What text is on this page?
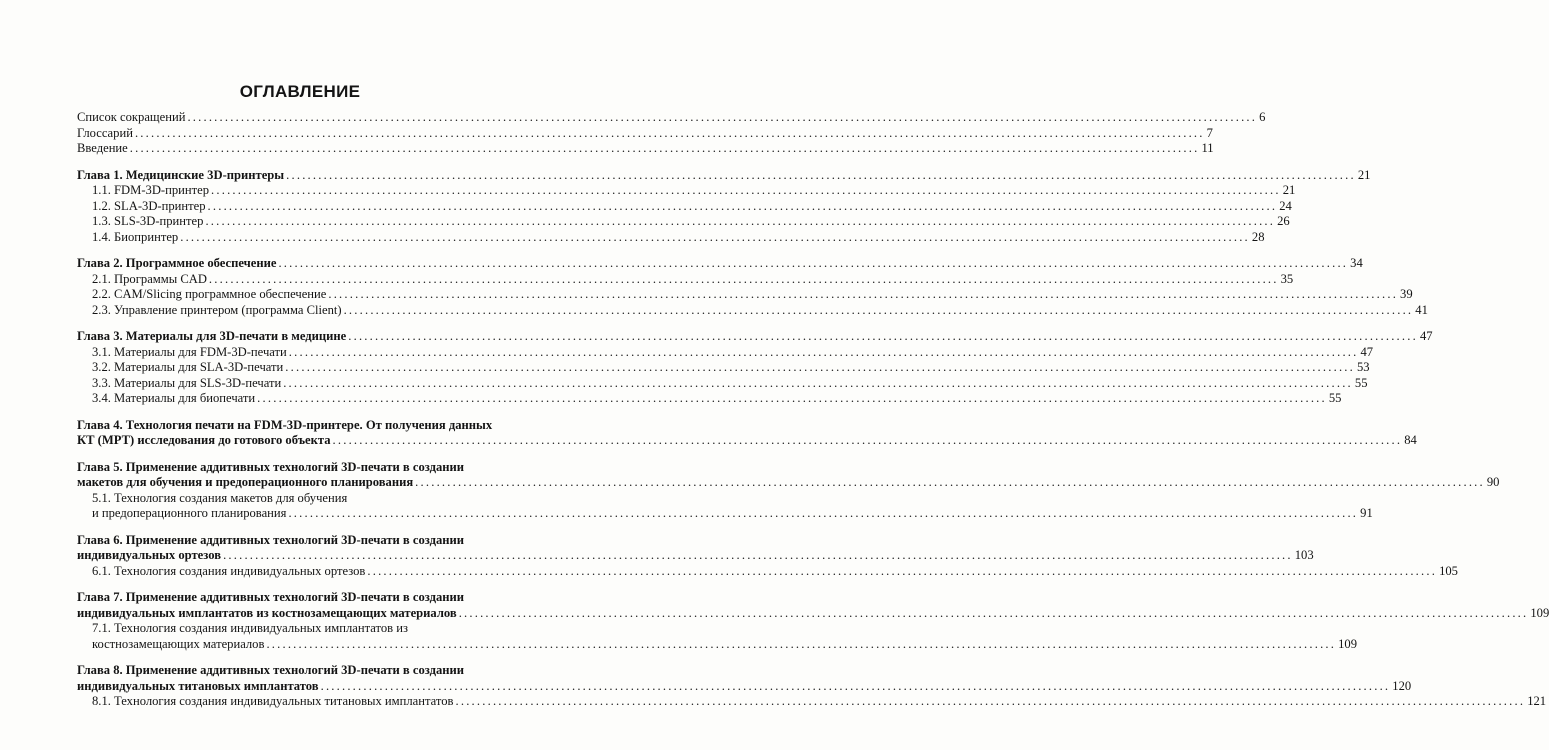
ОГЛАВЛЕНИЕ
Список сокращений ........................................................................................................................................................................................................ 6
Глоссарий ........................................................................................................................................................................................................ 7
Введение ........................................................................................................................................................................................................ 11
Глава 1. Медицинские 3D-принтеры ........................................................................................................................................................................................................ 21
1.1. FDM-3D-принтер ........................................................................................................................................................................................................ 21
1.2. SLA-3D-принтер ........................................................................................................................................................................................................ 24
1.3. SLS-3D-принтер ........................................................................................................................................................................................................ 26
1.4. Биопринтер ........................................................................................................................................................................................................ 28
Глава 2. Программное обеспечение ........................................................................................................................................................................................................ 34
2.1. Программы CAD ........................................................................................................................................................................................................ 35
2.2. CAM/Slicing программное обеспечение ........................................................................................................................................................................................................ 39
2.3. Управление принтером (программа Client) ........................................................................................................................................................................................................ 41
Глава 3. Материалы для 3D-печати в медицине ........................................................................................................................................................................................................ 47
3.1. Материалы для FDM-3D-печати ........................................................................................................................................................................................................ 47
3.2. Материалы для SLA-3D-печати ........................................................................................................................................................................................................ 53
3.3. Материалы для SLS-3D-печати ........................................................................................................................................................................................................ 55
3.4. Материалы для биопечати ........................................................................................................................................................................................................ 55
Глава 4. Технология печати на FDM-3D-принтере. От получения данных
КТ (МРТ) исследования до готового объекта ........................................................................................................................................................................................................ 84
Глава 5. Применение аддитивных технологий 3D-печати в создании
макетов для обучения и предоперационного планирования ........................................................................................................................................................................................................ 90
5.1. Технология создания макетов для обучения
и предоперационного планирования ........................................................................................................................................................................................................ 91
Глава 6. Применение аддитивных технологий 3D-печати в создании
индивидуальных ортезов ........................................................................................................................................................................................................ 103
6.1. Технология создания индивидуальных ортезов ........................................................................................................................................................................................................ 105
Глава 7. Применение аддитивных технологий 3D-печати в создании
индивидуальных имплантатов из костнозамещающих материалов ........................................................................................................................................................................................................ 109
7.1. Технология создания индивидуальных имплантатов из
костнозамещающих материалов ........................................................................................................................................................................................................ 109
Глава 8. Применение аддитивных технологий 3D-печати в создании
индивидуальных титановых имплантатов ........................................................................................................................................................................................................ 120
8.1. Технология создания индивидуальных титановых имплантатов ........................................................................................................................................................................................................ 121
